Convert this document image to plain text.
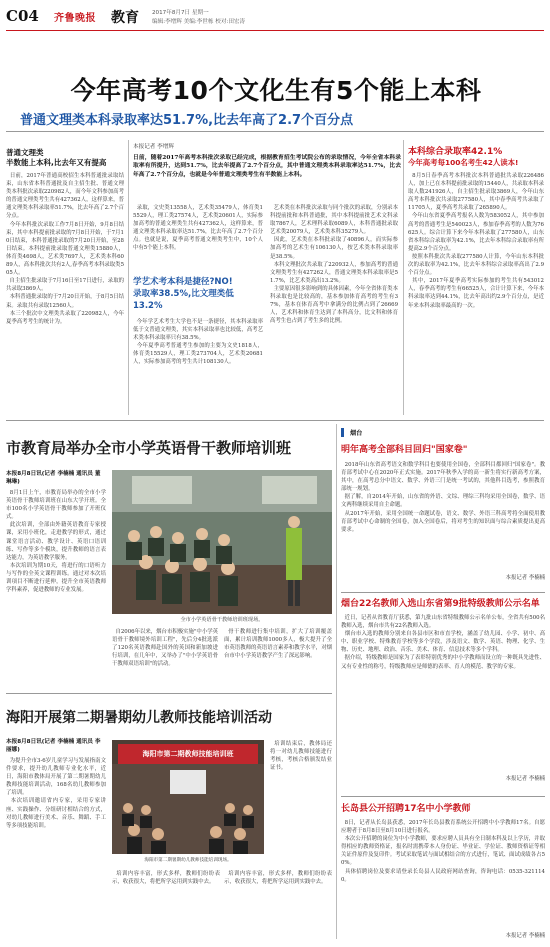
C04 齐鲁晚报 教育 2017年8月7日 星期一
编辑:李增辉 美编:李世栋 校对:田宏涛
今年高考10个文化生有5个能上本科
普通文理类本科录取率达51.7%,比去年高了2.7个百分点

普通文理类

半数能上本科,比去年又有提高

日前，2017年普通高校招生本科普通批录取结束，山东省本科普通批及自主招生批、普通文理类本科批次录取220982人，而今年文科参加高考的普通文理类考生共有427362人，这样算来，普通文理类本科录取率51.7%，比去年高了2.7个百分点。
今年本科批次录取工作7月8日开始，9月8日结束，其中本科提前批录取的7月8日开始，于7月10日结束，本科普通批录取的7月20日开始，至28日结束。本科提前批录取普通文理类15880人，体育类4698人，艺术类7697人，艺术类本科6089人，高本科批次共有2人,春季高考本科录取类505人。
自主招生批录取于7月16日至17日进行，录取的共录取3869人。
本科普通批录取的于7月20日开始，于8月5日结束。录取共有录取12560人。
本三个批次中文理类共录取了220982人，今年夏季高考考生的统计为。

本报记者 李增辉

日前，随着2017年高考本科批次录取已经完成，根据教育招生考试院公布的录取情况，今年全省本科录取率有所提升，达到51.7%，比去年提高了2.7个百分点，其中普通文理类本科录取率达51.7%，比去年高了2.7个百分点，也就是今年普通文理类考生有半数能上本科。

录取，文史类13558人，艺术类35479人，体育类15529人，理工类27574人，艺术类20601人，实际参加高考的普通文理类生共有427362人，这样算来，普通文理类本科录取率达51.7%，比去年高了2.7个百分点。也就是说，夏季高考普通文理类考生中，10个人中有5个能上本科。

学艺术考本科是捷径?NO!
录取率38.5%,比文理类低13.2%

今年学艺术考生大学也不是一条捷径，其本科录取率低于文普通文理类，其实本科录取率也比较低，高考艺术类本科录取率只有38.5%。
今年夏季高考普通考生参加的主要为文史1818人，体育类15529人，理工类273704人，艺术类20681人，实际参加高考的考生共计108130人。

艺术类在本科批次录取与同个批次的录取，分别录本科提前批和本科普通批，其中本科提前批艺术文科录取7867人，艺术理科录取6089人，本科普通批录取艺术类20079人，艺术类本科35279人。
因此，艺术类在本科批录取了40896人，而实际参加高考的艺术生有106130人，按艺术类本科录取率是38.5%。
本科文理批次共录取了220932人，参加高考的普通文理类考生有427262人，普通文理类本科录取率是51.7%，比艺术类高出13.2%。
主要原因很多影响到的具体因素，今年全省体育类本科录取也是比较高的，基本参加体育高考的考生有37%，基本在体育高考中拿满分的比例占到了26669人，艺术科和体育生达到了本科高分，比文科和体育高考生也占到了考生多的比例。

本科综合录取率42.1%

今年高考每100名考生42人读本!

8月5日春季高考本科批次本科普通批共录取226486人，加上已在本科提前批录取的15440人，共录取本科录取人数241926人，自主招生批录取3869人，今年山东高考本科批次共录取277580人，其中春季高考共录取了11705人，夏季高考共录取了265890人。
今年山东省夏季高考报名人数为583052人，其中参加高考的普通考生是540023人，参加春季高考的人数为76625人。综合计算下来今年本科录取了277580人，山东省本科综合录取率为42.1%，比去年本科综合录取率有所提高2.9个百分点。
按照本科批次共录取277580人计算，今年山东本科批次的录取率为42.1%，比去年本科综合录取率高出了2.9个百分点。
其中，2017年夏季高考实际参加的考生共有543012人，春季高考的考生有66525人，合计计算下来，今年本科录取率达到44.1%，比去年高出约2.9个百分点，是近年来本科录取率最高的一次。

市教育局举办全市小学英语骨干教师培训班
本报8月8日讯(记者 李楠楠 通讯员 董琳琳)

8月1日上午，市教育局举办的全市小学英语骨干教师培训班在山东大学开班。全市100名小学英语骨干教师参加了开班仪式。
此次培训，全部由外籍英语教育专家授课，采用小班化，走进教学的形式，通过课堂语言活动、教学设计、英语口语训练、写作等多个模块，提升教师的语言表达能力，为英语教学服务。
本次培训为期10天，将进行的口语听力与写作的全英文课程训练。通过对本次培训项目不断进行延伸，提升全市英语教师学科素养，促进教师的专业发展。

全市小学英语骨干教师培训班现场。

自2006年以来，烟台市积极实施"中小学英语骨干教师境外培训工程"，先后分4批选派了120名英语教师赴国外的英国和新加坡进行培训，在几年中，又举办了"中小学英语骨干教师双语培训"的活动。

骨干教师进行集中培训，扩大了培训覆盖面，累计培训教师1000多人，极大提升了全市英语教师的英语语言素养和教学水平，对烟台市中小学英语教学产生了深远影响。

海阳开展第二期暑期幼儿教师技能培训活动
本报8月8日讯(记者 李楠楠 通讯员 李丽娜)

为提升全市3-6岁儿童学习与发展指南文件要求，提升幼儿教师专业化水平，近日，海阳市教体局开展了第二期暑期幼儿教师技能培训活动，168名幼儿教师参加了培训。
本次培训邀请省内专家，采用专家讲座、实践操作、分组研讨相结合的方式，对幼儿教师进行美术、音乐、舞蹈、手工等多项技能培训。

海阳市第二期教师技能培训班
海阳市第二期暑期幼儿教师技能培训现场。

培训结束后，教体局还将一对幼儿教师技能进行考核，考核合格颁发结业证书。

培训内容丰富，形式多样，教师们纷纷表示，收获很大，将把所学运用到实践中去。

培训内容丰富，形式多样，教师们纷纷表示，收获很大，将把所学运用到实践中去。

烟台

明年高考全部科目回归"国家卷"

2018年山东省高考语文和数学科目也要使用全国卷，全部科目都回归"国家卷"。教育部考试中心在2020年正式实施。2017年秋季入学的高一新生将实行新高考方案，其中，在高考总分中语文、数学、外语三门是统一考试的，其他科目选考，参照教育部统一规划。
据了解，自2014年开始，山东省的外语、文综、理综三科均采用全国卷，数学、语文两科继续采用自主命题。
从2017年开始，采用全国统一命题试卷，语文、数学、外语三科高考将全面使用教育部考试中心命制的全国卷，加入全国卷后，将对考生的知识面与综合素质提出更高要求。

本报记者 李楠楠

烟台22名教师入选山东省第9批特级教师公示名单

近日，记者从省教育厅获悉，第九批山东省特级教师公示名单公布，全省共有500名教师入选，烟台市共有22名教师入选。
烟台市入选的教师分别来自各县市区和市直学校，涵盖了幼儿园、小学、初中、高中、职业学校、特殊教育学校等多个学段，涉及语文、数学、英语、物理、化学、生物、历史、地理、政治、音乐、美术、体育、信息技术等多个学科。
据介绍，特级教师是国家为了表彰特别优秀的中小学教师而设立的一种既具先进性、又有专业性的称号，特级教师应是师德的表率、育人的模范、教学的专家。

本报记者 李楠楠

长岛县公开招聘17名中小学教师

8日，记者从长岛县获悉，2017年长岛县教育系统公开招聘中小学教师17名。自愿应聘者于8月8日至8月10日进行报名。
本次公开招聘的岗位为中小学教师，要求应聘人员具有全日制本科及以上学历，并取得相应的教师资格证，报名时需携带本人身份证、毕业证、学位证、教师资格证等相关证件原件及复印件。考试采取笔试与面试相结合的方式进行，笔试、面试成绩各占50%。
具体招聘岗位及要求请登录长岛县人民政府网站查询，咨询电话：0535-3211140。

本报记者 李楠楠
